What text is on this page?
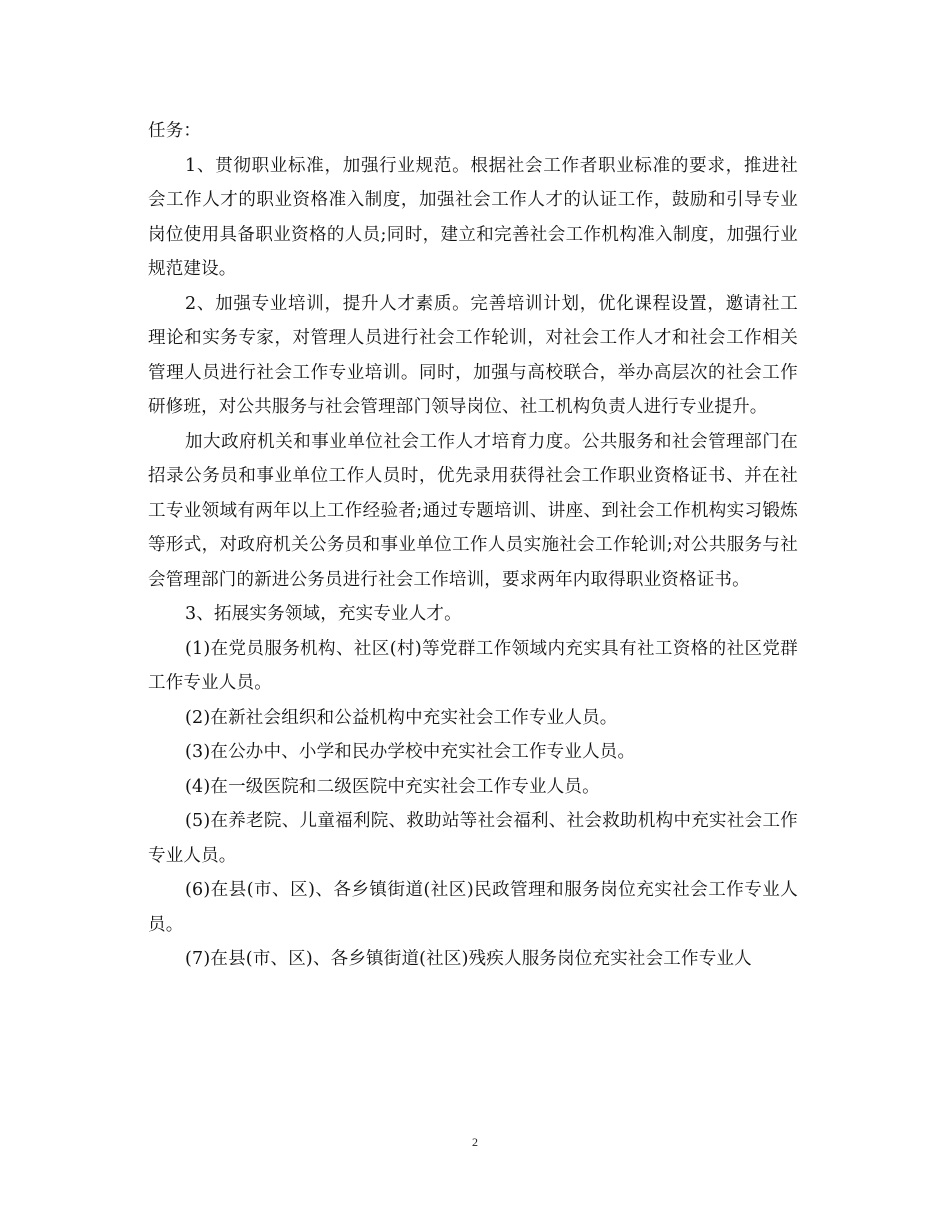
任务：

1、贯彻职业标准，加强行业规范。根据社会工作者职业标准的要求，推进社会工作人才的职业资格准入制度，加强社会工作人才的认证工作，鼓励和引导专业岗位使用具备职业资格的人员;同时，建立和完善社会工作机构准入制度，加强行业规范建设。

2、加强专业培训，提升人才素质。完善培训计划，优化课程设置，邀请社工理论和实务专家，对管理人员进行社会工作轮训，对社会工作人才和社会工作相关管理人员进行社会工作专业培训。同时，加强与高校联合，举办高层次的社会工作研修班，对公共服务与社会管理部门领导岗位、社工机构负责人进行专业提升。

加大政府机关和事业单位社会工作人才培育力度。公共服务和社会管理部门在招录公务员和事业单位工作人员时，优先录用获得社会工作职业资格证书、并在社工专业领域有两年以上工作经验者;通过专题培训、讲座、到社会工作机构实习锻炼等形式，对政府机关公务员和事业单位工作人员实施社会工作轮训;对公共服务与社会管理部门的新进公务员进行社会工作培训，要求两年内取得职业资格证书。

3、拓展实务领域，充实专业人才。

(1)在党员服务机构、社区(村)等党群工作领域内充实具有社工资格的社区党群工作专业人员。

(2)在新社会组织和公益机构中充实社会工作专业人员。

(3)在公办中、小学和民办学校中充实社会工作专业人员。

(4)在一级医院和二级医院中充实社会工作专业人员。

(5)在养老院、儿童福利院、救助站等社会福利、社会救助机构中充实社会工作专业人员。

(6)在县(市、区)、各乡镇街道(社区)民政管理和服务岗位充实社会工作专业人员。

(7)在县(市、区)、各乡镇街道(社区)残疾人服务岗位充实社会工作专业人

2
